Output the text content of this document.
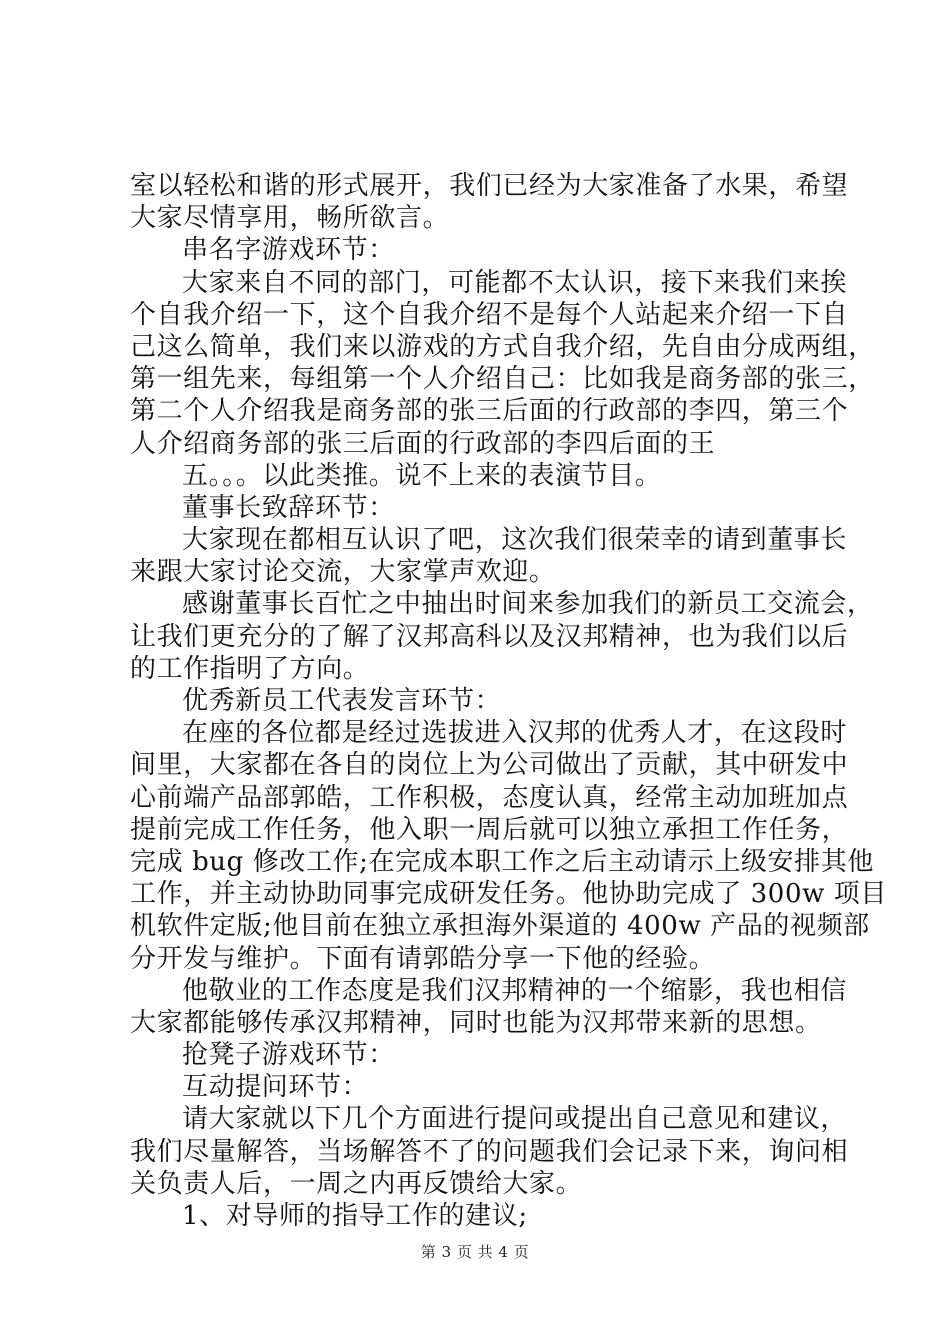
室以轻松和谐的形式展开，我们已经为大家准备了水果，希望
大家尽情享用，畅所欲言。
串名字游戏环节：
大家来自不同的部门，可能都不太认识，接下来我们来挨
个自我介绍一下，这个自我介绍不是每个人站起来介绍一下自
己这么简单，我们来以游戏的方式自我介绍，先自由分成两组，
第一组先来，每组第一个人介绍自己：比如我是商务部的张三，
第二个人介绍我是商务部的张三后面的行政部的李四，第三个
人介绍商务部的张三后面的行政部的李四后面的王
五。。。以此类推。说不上来的表演节目。
董事长致辞环节：
大家现在都相互认识了吧，这次我们很荣幸的请到董事长
来跟大家讨论交流，大家掌声欢迎。
感谢董事长百忙之中抽出时间来参加我们的新员工交流会，
让我们更充分的了解了汉邦高科以及汉邦精神，也为我们以后
的工作指明了方向。
优秀新员工代表发言环节：
在座的各位都是经过选拔进入汉邦的优秀人才，在这段时
间里，大家都在各自的岗位上为公司做出了贡献，其中研发中
心前端产品部郭皓，工作积极，态度认真，经常主动加班加点
提前完成工作任务，他入职一周后就可以独立承担工作任务，
完成 bug 修改工作;在完成本职工作之后主动请示上级安排其他
工作，并主动协助同事完成研发任务。他协助完成了 300w 项目
机软件定版;他目前在独立承担海外渠道的 400w 产品的视频部
分开发与维护。下面有请郭皓分享一下他的经验。
他敬业的工作态度是我们汉邦精神的一个缩影，我也相信
大家都能够传承汉邦精神，同时也能为汉邦带来新的思想。
抢凳子游戏环节：
互动提问环节：
请大家就以下几个方面进行提问或提出自己意见和建议，
我们尽量解答，当场解答不了的问题我们会记录下来，询问相
关负责人后，一周之内再反馈给大家。
1、对导师的指导工作的建议;
第 3 页 共 4 页
